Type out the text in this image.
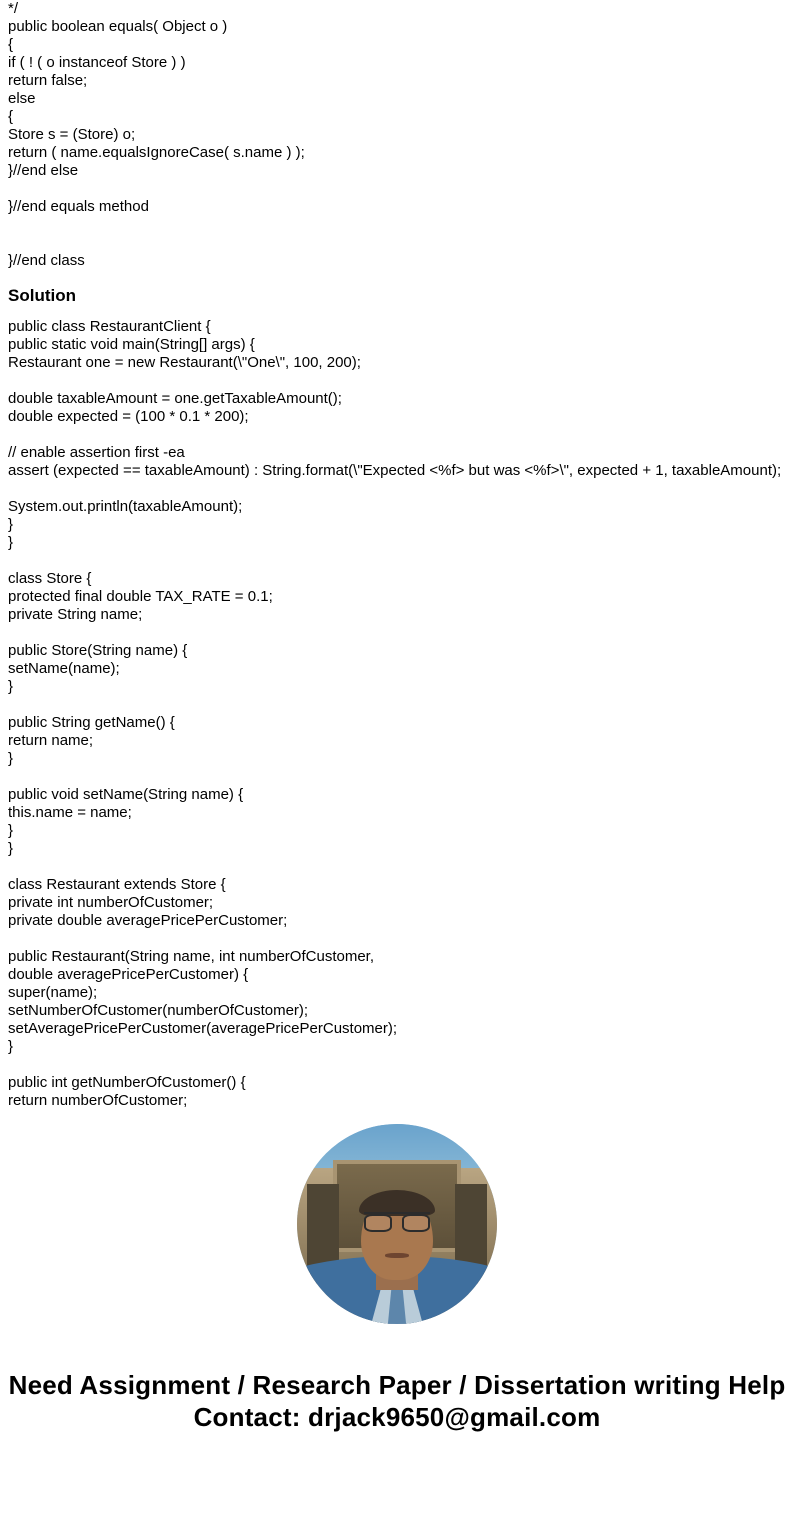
*/
public boolean equals( Object o )
{
if ( ! ( o instanceof Store ) )
return false;
else
{
Store s = (Store) o;
return ( name.equalsIgnoreCase( s.name ) );
}//end else
}//end equals method
}//end class
Solution
public class RestaurantClient {
public static void main(String[] args) {
Restaurant one = new Restaurant(\"One\", 100, 200);
double taxableAmount = one.getTaxableAmount();
double expected = (100 * 0.1 * 200);
// enable assertion first -ea
assert (expected == taxableAmount) : String.format(\"Expected <%f> but was <%f>\", expected + 1, taxableAmount);
System.out.println(taxableAmount);
}
}
class Store {
protected final double TAX_RATE = 0.1;
private String name;
public Store(String name) {
setName(name);
}
public String getName() {
return name;
}
public void setName(String name) {
this.name = name;
}
}
class Restaurant extends Store {
private int numberOfCustomer;
private double averagePricePerCustomer;
public Restaurant(String name, int numberOfCustomer,
double averagePricePerCustomer) {
super(name);
setNumberOfCustomer(numberOfCustomer);
setAveragePricePerCustomer(averagePricePerCustomer);
}
public int getNumberOfCustomer() {
return numberOfCustomer;
Need Assignment / Research Paper / Dissertation writing Help
Contact: drjack9650@gmail.com
